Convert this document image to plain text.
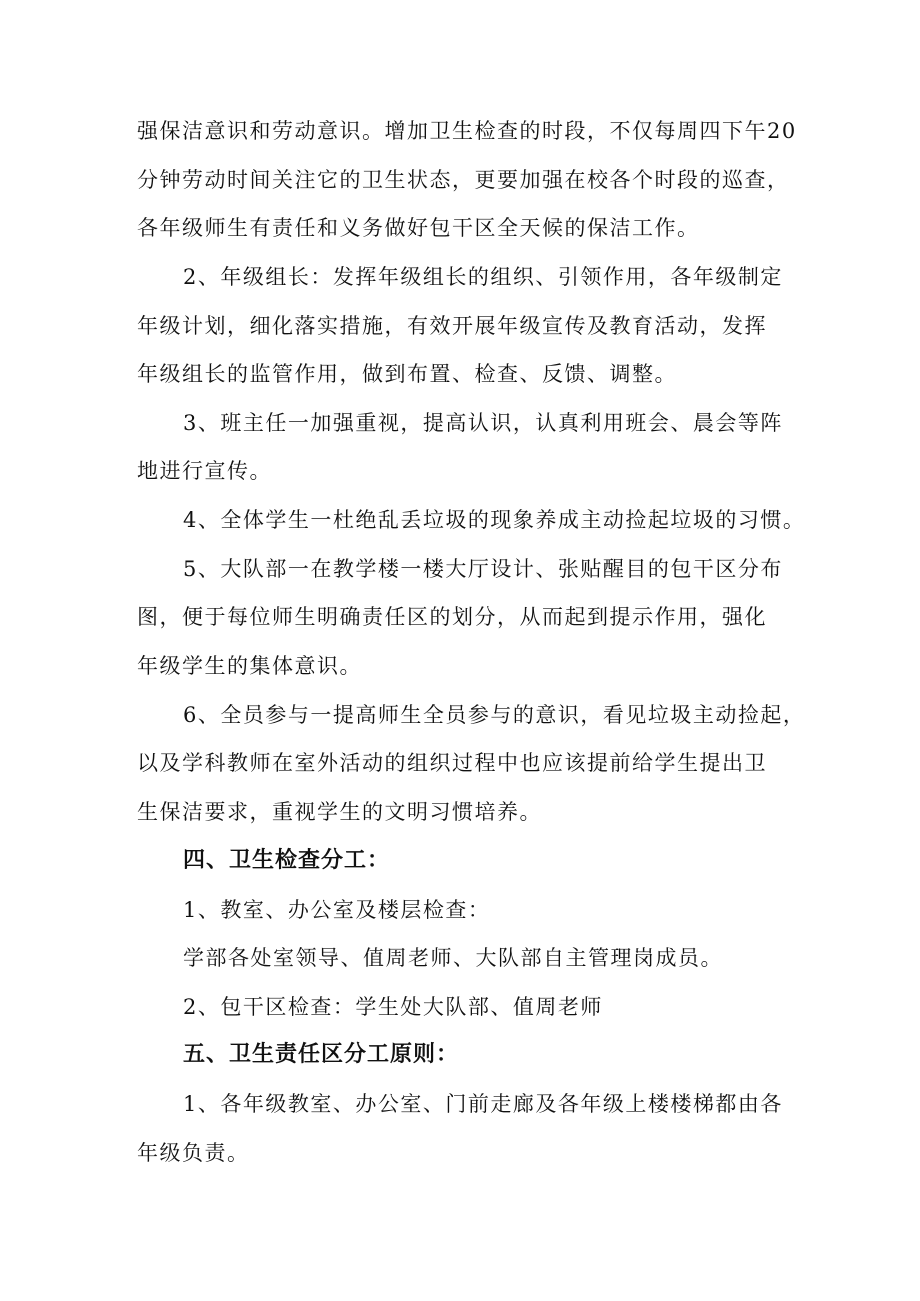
强保洁意识和劳动意识。增加卫生检查的时段，不仅每周四下午20
分钟劳动时间关注它的卫生状态，更要加强在校各个时段的巡查，
各年级师生有责任和义务做好包干区全天候的保洁工作。
2、年级组长：发挥年级组长的组织、引领作用，各年级制定
年级计划，细化落实措施，有效开展年级宣传及教育活动，发挥
年级组长的监管作用，做到布置、检查、反馈、调整。
3、班主任一加强重视，提高认识，认真利用班会、晨会等阵
地进行宣传。
4、全体学生一杜绝乱丢垃圾的现象养成主动捡起垃圾的习惯。
5、大队部一在教学楼一楼大厅设计、张贴醒目的包干区分布
图，便于每位师生明确责任区的划分，从而起到提示作用，强化
年级学生的集体意识。
6、全员参与一提高师生全员参与的意识，看见垃圾主动捡起，
以及学科教师在室外活动的组织过程中也应该提前给学生提出卫
生保洁要求，重视学生的文明习惯培养。
四、卫生检查分工：
1、教室、办公室及楼层检查：
学部各处室领导、值周老师、大队部自主管理岗成员。
2、包干区检查：学生处大队部、值周老师
五、卫生责任区分工原则：
1、各年级教室、办公室、门前走廊及各年级上楼楼梯都由各
年级负责。
